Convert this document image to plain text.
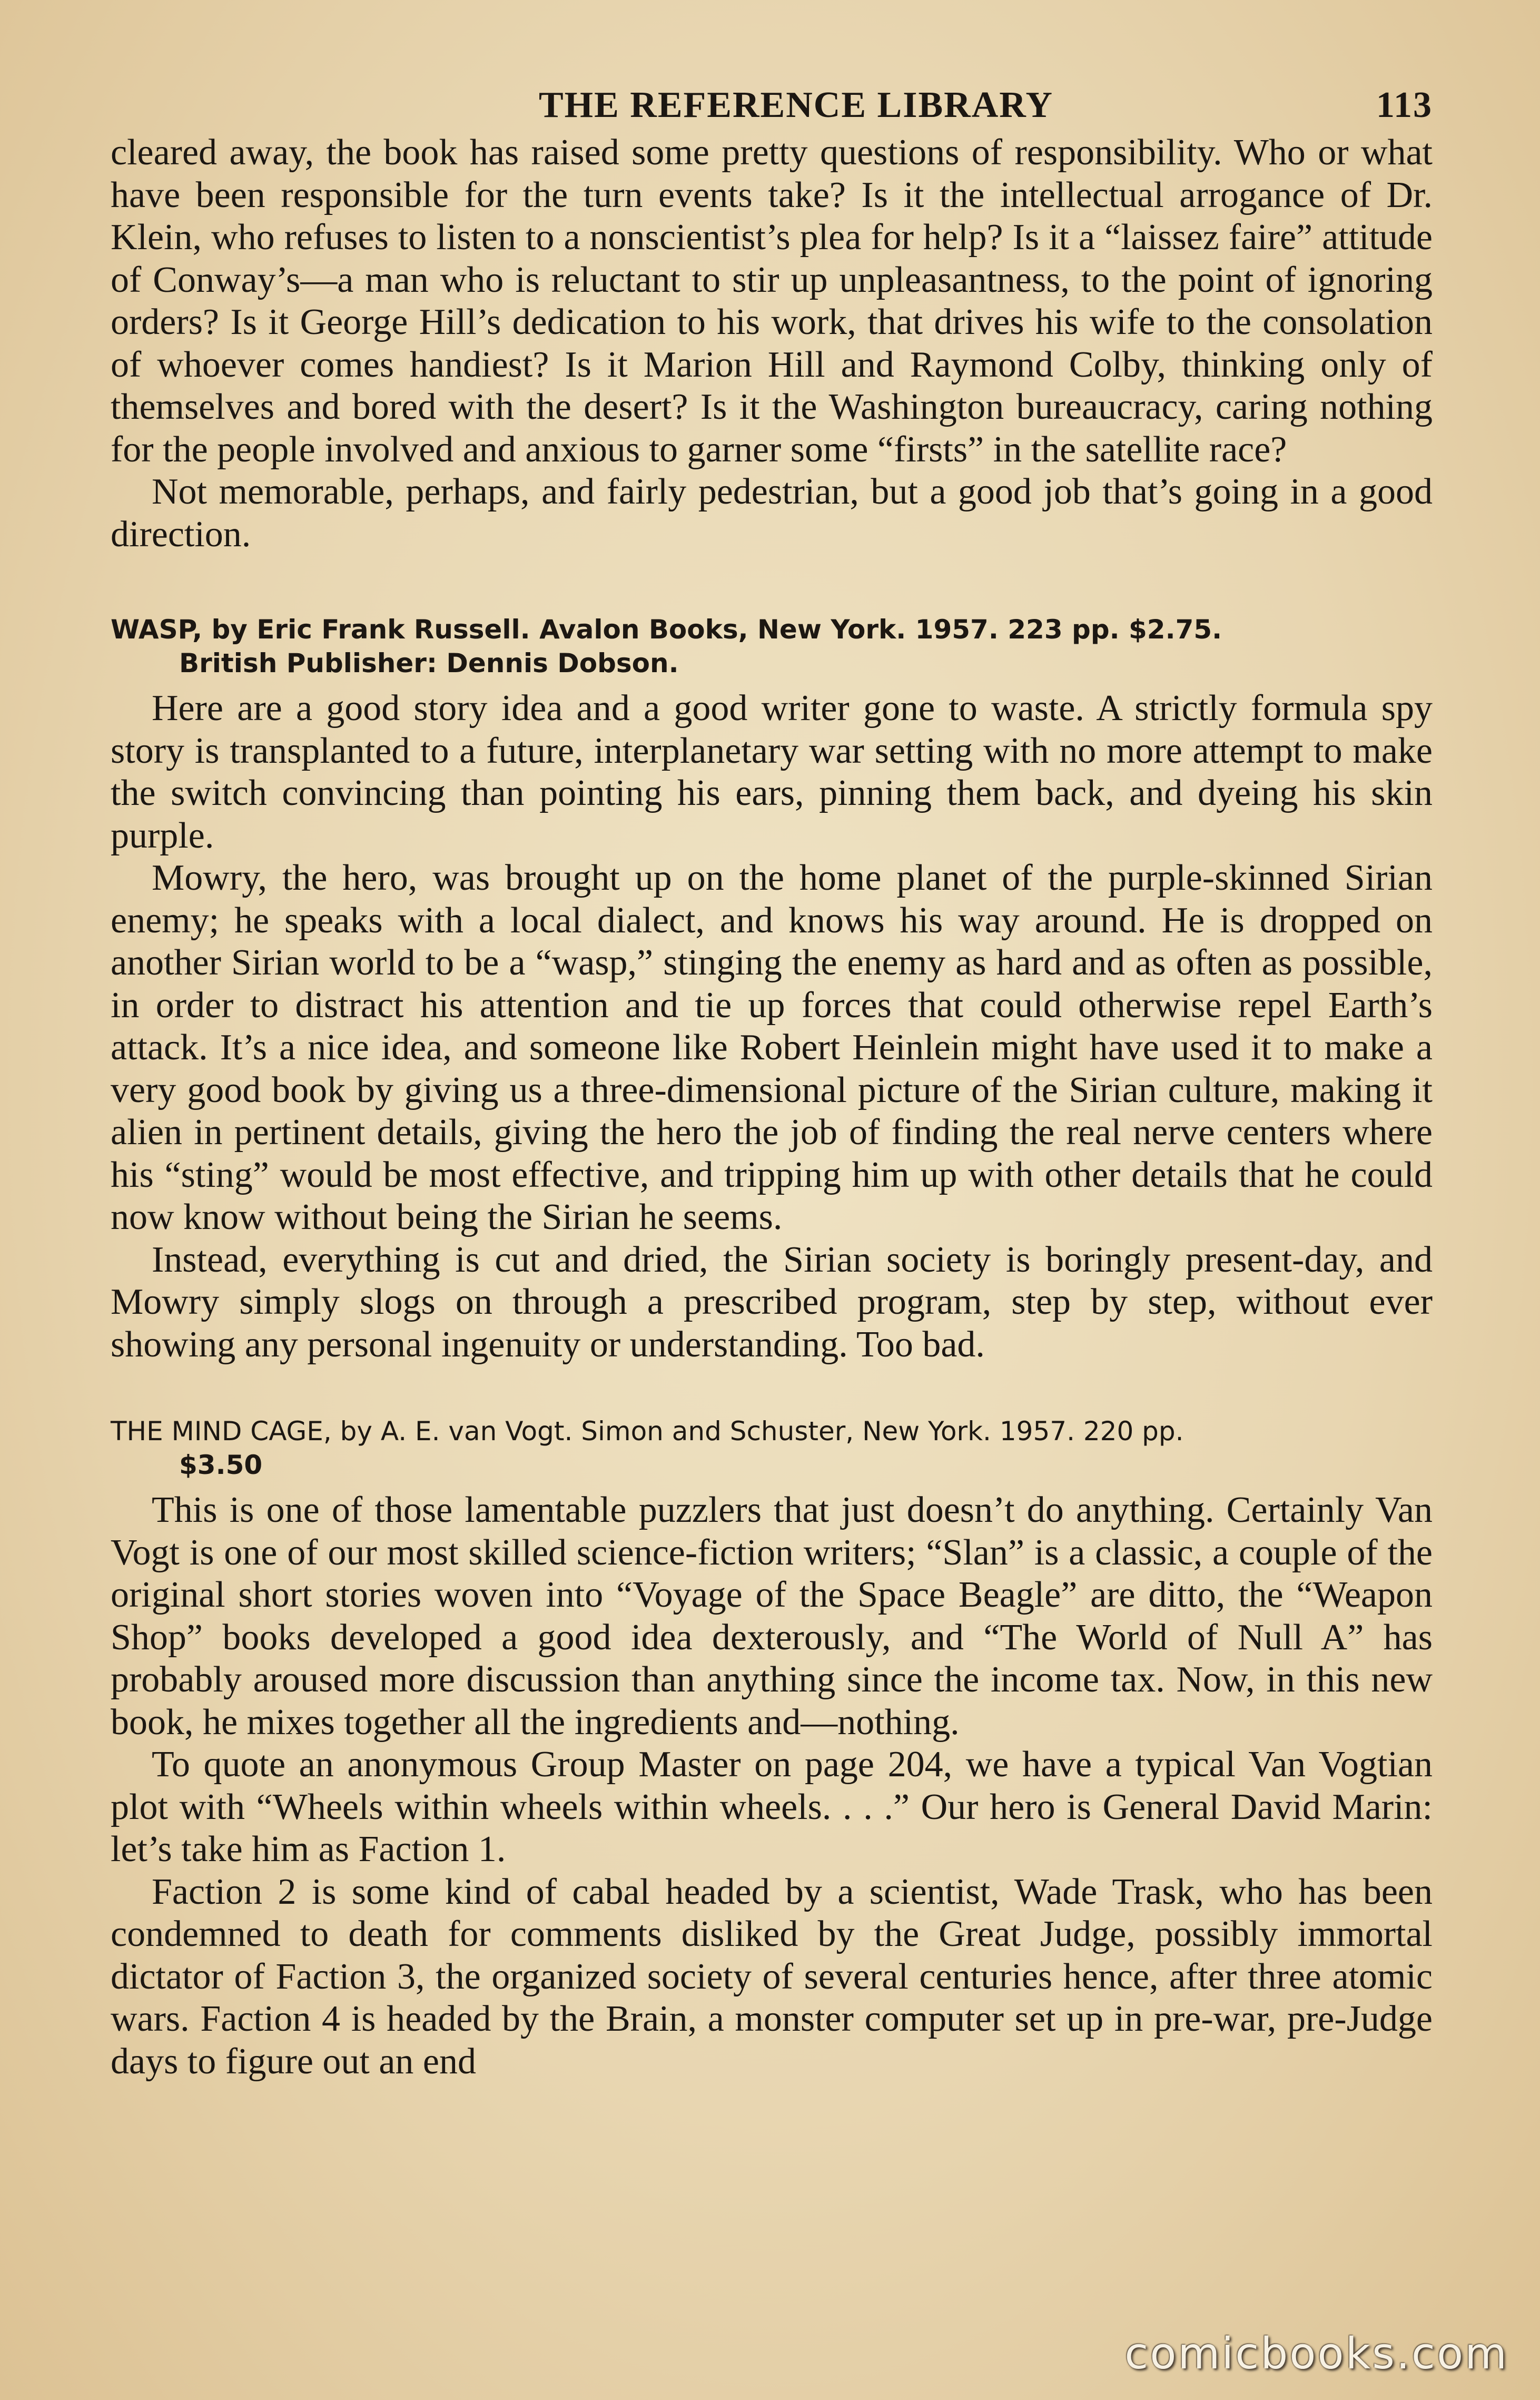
THE REFERENCE LIBRARY	113

cleared away, the book has raised some pretty questions of responsibility. Who or what have been responsible for the turn events take? Is it the intellectual arrogance of Dr. Klein, who refuses to listen to a nonscientist’s plea for help? Is it a “laissez faire” attitude of Conway’s—a man who is reluctant to stir up unpleasantness, to the point of ignoring orders? Is it George Hill’s dedication to his work, that drives his wife to the consolation of whoever comes handiest? Is it Marion Hill and Raymond Colby, thinking only of themselves and bored with the desert? Is it the Washington bureaucracy, caring nothing for the people involved and anxious to garner some “firsts” in the satellite race?

Not memorable, perhaps, and fairly pedestrian, but a good job that’s going in a good direction.

WASP, by Eric Frank Russell. Avalon Books, New York. 1957. 223 pp. $2.75.
British Publisher: Dennis Dobson.

Here are a good story idea and a good writer gone to waste. A strictly formula spy story is transplanted to a future, interplanetary war setting with no more attempt to make the switch convincing than pointing his ears, pinning them back, and dyeing his skin purple.

Mowry, the hero, was brought up on the home planet of the purple-skinned Sirian enemy; he speaks with a local dialect, and knows his way around. He is dropped on another Sirian world to be a “wasp,” stinging the enemy as hard and as often as possible, in order to distract his attention and tie up forces that could otherwise repel Earth’s attack. It’s a nice idea, and someone like Robert Heinlein might have used it to make a very good book by giving us a three-dimensional picture of the Sirian culture, making it alien in pertinent details, giving the hero the job of finding the real nerve centers where his “sting” would be most effective, and tripping him up with other details that he could now know without being the Sirian he seems.

Instead, everything is cut and dried, the Sirian society is boringly present-day, and Mowry simply slogs on through a prescribed program, step by step, without ever showing any personal ingenuity or understanding. Too bad.

THE MIND CAGE, by A. E. van Vogt. Simon and Schuster, New York. 1957. 220 pp.
$3.50

This is one of those lamentable puzzlers that just doesn’t do anything. Certainly Van Vogt is one of our most skilled science-fiction writers; “Slan” is a classic, a couple of the original short stories woven into “Voyage of the Space Beagle” are ditto, the “Weapon Shop” books developed a good idea dexterously, and “The World of Null A” has probably aroused more discussion than anything since the income tax. Now, in this new book, he mixes together all the ingredients and—nothing.

To quote an anonymous Group Master on page 204, we have a typical Van Vogtian plot with “Wheels within wheels within wheels. . . .” Our hero is General David Marin: let’s take him as Faction 1.

Faction 2 is some kind of cabal headed by a scientist, Wade Trask, who has been condemned to death for comments disliked by the Great Judge, possibly immortal dictator of Faction 3, the organized society of several centuries hence, after three atomic wars. Faction 4 is headed by the Brain, a monster computer set up in pre-war, pre-Judge days to figure out an end

comicbooks.com
